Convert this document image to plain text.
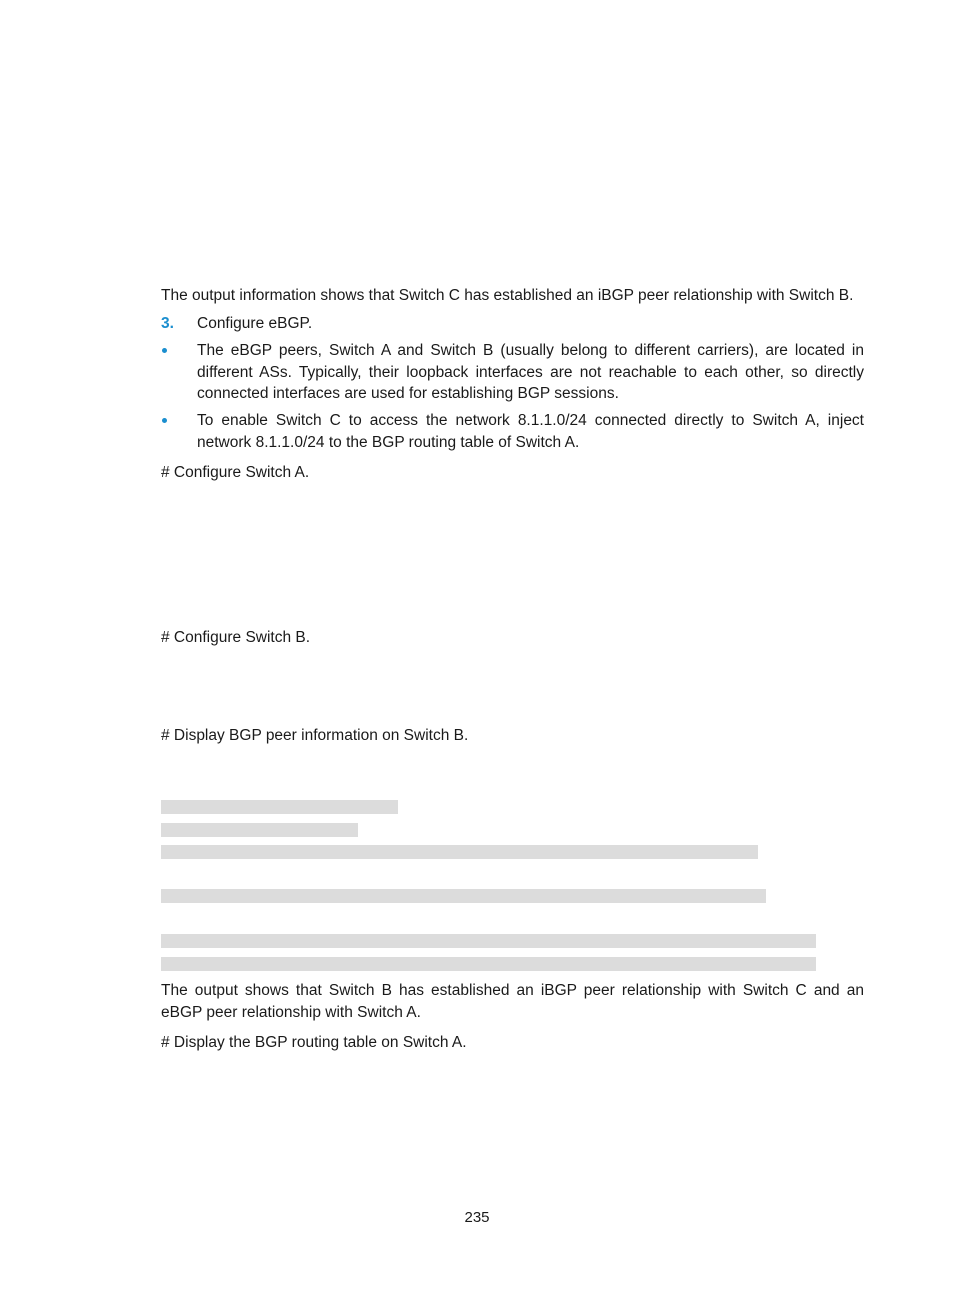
The output information shows that Switch C has established an iBGP peer relationship with Switch B.

3.	Configure eBGP.
The eBGP peers, Switch A and Switch B (usually belong to different carriers), are located in different ASs. Typically, their loopback interfaces are not reachable to each other, so directly connected interfaces are used for establishing BGP sessions.
To enable Switch C to access the network 8.1.1.0/24 connected directly to Switch A, inject network 8.1.1.0/24 to the BGP routing table of Switch A.

# Configure Switch A.

# Configure Switch B.

# Display BGP peer information on Switch B.

The output shows that Switch B has established an iBGP peer relationship with Switch C and an eBGP peer relationship with Switch A.

# Display the BGP routing table on Switch A.

235
